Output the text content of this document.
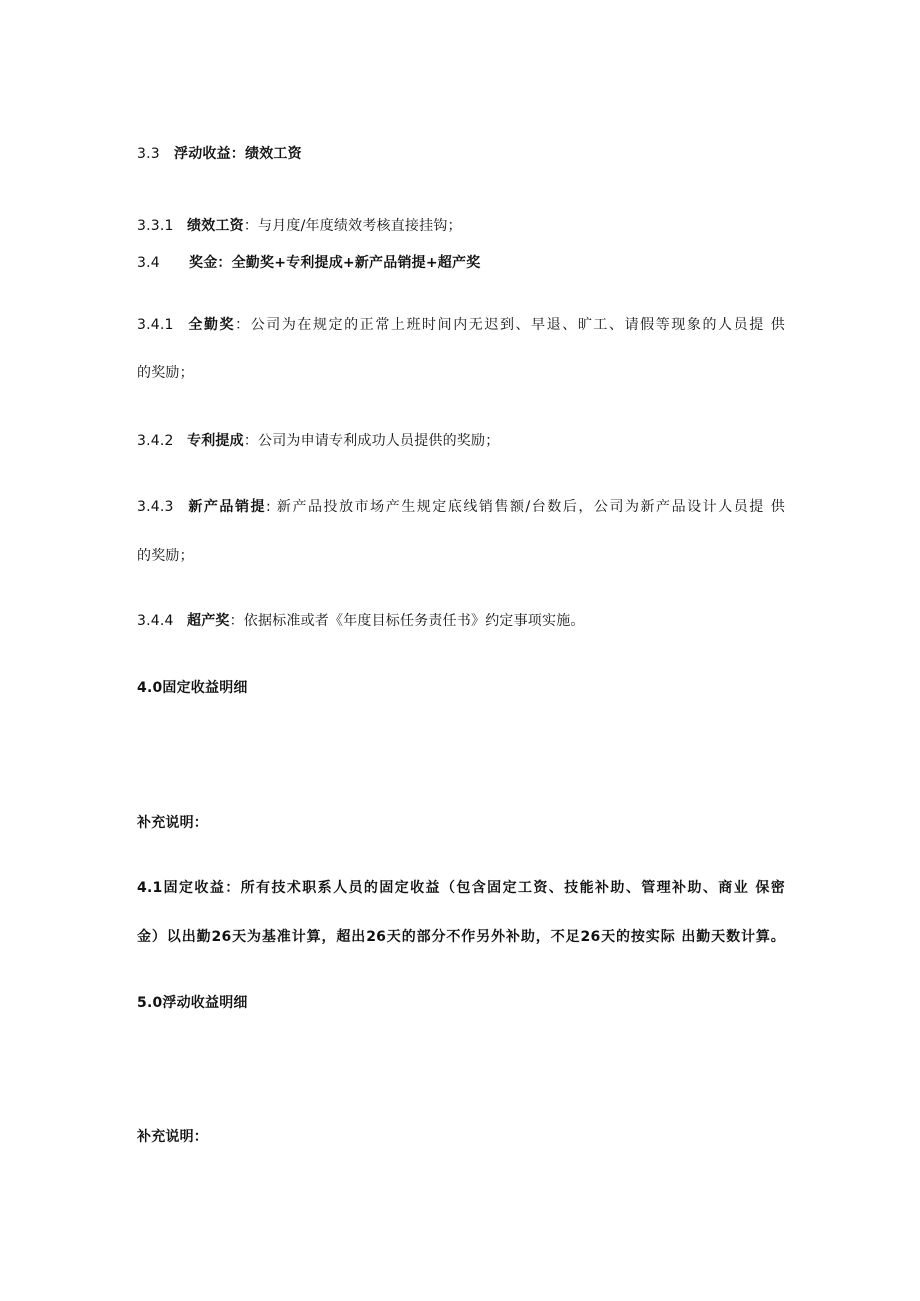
3.3 浮动收益：绩效工资
3.3.1 绩效工资：与月度/年度绩效考核直接挂钩；
3.4 奖金：全勤奖+专利提成+新产品销提+超产奖
3.4.1 全勤奖：公司为在规定的正常上班时间内无迟到、早退、旷工、请假等现象的人员提 供
的奖励；
3.4.2 专利提成：公司为申请专利成功人员提供的奖励；
3.4.3 新产品销提: 新产品投放市场产生规定底线销售额/台数后，公司为新产品设计人员提 供
的奖励；
3.4.4 超产奖：依据标准或者《年度目标任务责任书》约定事项实施。
4.0固定收益明细
补充说明：
4.1固定收益：所有技术职系人员的固定收益（包含固定工资、技能补助、管理补助、商业 保密
金）以出勤26天为基准计算，超出26天的部分不作另外补助，不足26天的按实际 出勤天数计算。
5.0浮动收益明细
补充说明：
